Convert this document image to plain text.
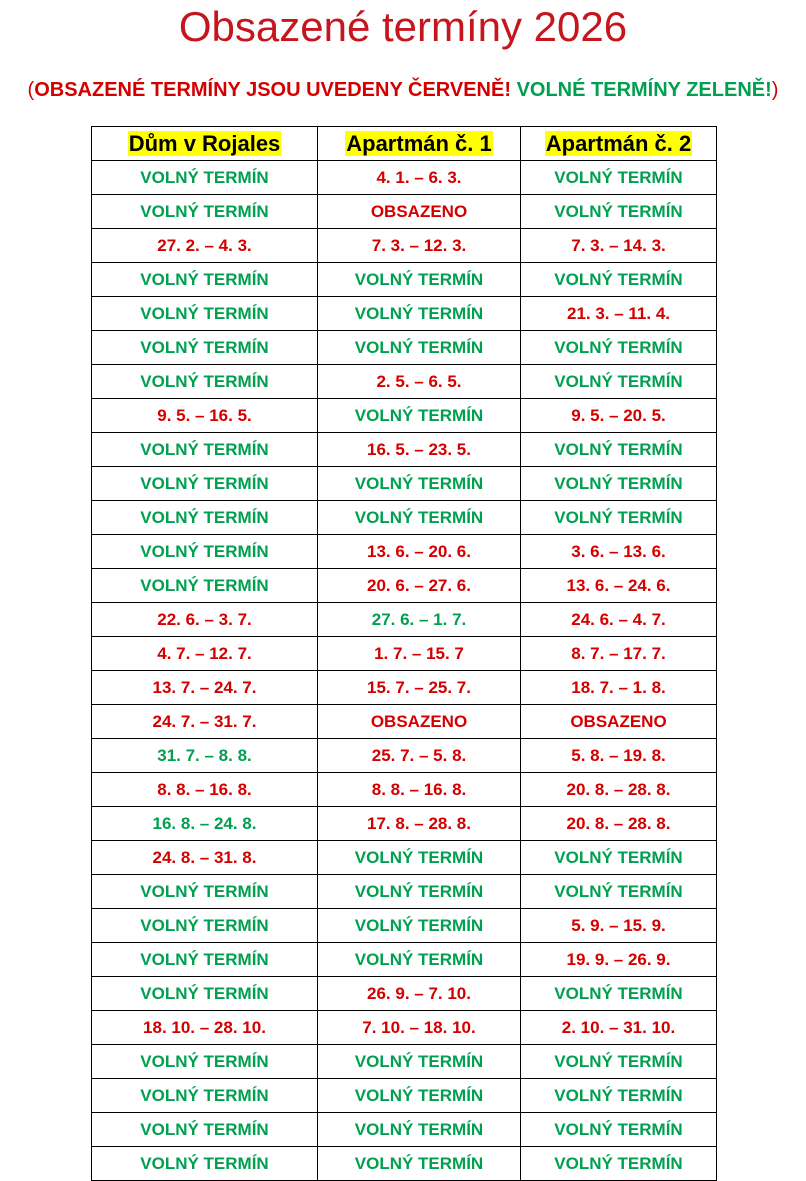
Obsazené termíny 2026
(OBSAZENÉ TERMÍNY JSOU UVEDENY ČERVENĚ! VOLNÉ TERMÍNY ZELENĚ!)
Dům v Rojales	Apartmán č. 1	Apartmán č. 2
VOLNÝ TERMÍN	4. 1. – 6. 3.	VOLNÝ TERMÍN
VOLNÝ TERMÍN	OBSAZENO	VOLNÝ TERMÍN
27. 2. – 4. 3.	7. 3. – 12. 3.	7. 3. – 14. 3.
VOLNÝ TERMÍN	VOLNÝ TERMÍN	VOLNÝ TERMÍN
VOLNÝ TERMÍN	VOLNÝ TERMÍN	21. 3. – 11. 4.
VOLNÝ TERMÍN	VOLNÝ TERMÍN	VOLNÝ TERMÍN
VOLNÝ TERMÍN	2. 5. – 6. 5.	VOLNÝ TERMÍN
9. 5. – 16. 5.	VOLNÝ TERMÍN	9. 5. – 20. 5.
VOLNÝ TERMÍN	16. 5. – 23. 5.	VOLNÝ TERMÍN
VOLNÝ TERMÍN	VOLNÝ TERMÍN	VOLNÝ TERMÍN
VOLNÝ TERMÍN	VOLNÝ TERMÍN	VOLNÝ TERMÍN
VOLNÝ TERMÍN	13. 6. – 20. 6.	3. 6. – 13. 6.
VOLNÝ TERMÍN	20. 6. – 27. 6.	13. 6. – 24. 6.
22. 6. – 3. 7.	27. 6. – 1. 7.	24. 6. – 4. 7.
4. 7. – 12. 7.	1. 7. – 15. 7	8. 7. – 17. 7.
13. 7. – 24. 7.	15. 7. – 25. 7.	18. 7. – 1. 8.
24. 7. – 31. 7.	OBSAZENO	OBSAZENO
31. 7. – 8. 8.	25. 7. – 5. 8.	5. 8. – 19. 8.
8. 8. – 16. 8.	8. 8. – 16. 8.	20. 8. – 28. 8.
16. 8. – 24. 8.	17. 8. – 28. 8.	20. 8. – 28. 8.
24. 8. – 31. 8.	VOLNÝ TERMÍN	VOLNÝ TERMÍN
VOLNÝ TERMÍN	VOLNÝ TERMÍN	VOLNÝ TERMÍN
VOLNÝ TERMÍN	VOLNÝ TERMÍN	5. 9. – 15. 9.
VOLNÝ TERMÍN	VOLNÝ TERMÍN	19. 9. – 26. 9.
VOLNÝ TERMÍN	26. 9. – 7. 10.	VOLNÝ TERMÍN
18. 10. – 28. 10.	7. 10. – 18. 10.	2. 10. – 31. 10.
VOLNÝ TERMÍN	VOLNÝ TERMÍN	VOLNÝ TERMÍN
VOLNÝ TERMÍN	VOLNÝ TERMÍN	VOLNÝ TERMÍN
VOLNÝ TERMÍN	VOLNÝ TERMÍN	VOLNÝ TERMÍN
VOLNÝ TERMÍN	VOLNÝ TERMÍN	VOLNÝ TERMÍN
